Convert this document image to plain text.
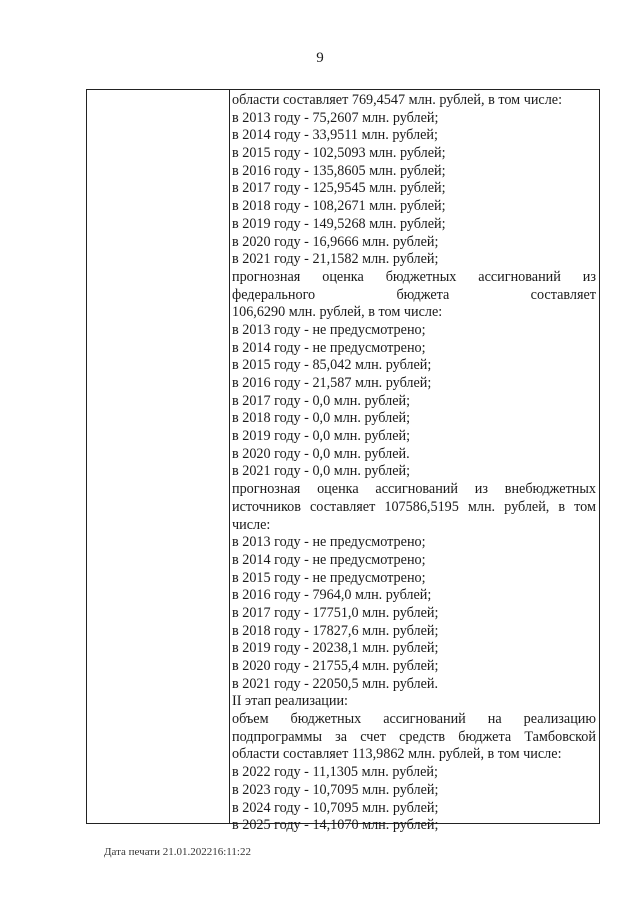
9
области составляет 769,4547 млн. рублей, в том числе:
в 2013 году - 75,2607 млн. рублей;
в 2014 году - 33,9511 млн. рублей;
в 2015 году - 102,5093 млн. рублей;
в 2016 году - 135,8605 млн. рублей;
в 2017 году - 125,9545 млн. рублей;
в 2018 году - 108,2671 млн. рублей;
в 2019 году - 149,5268 млн. рублей;
в 2020 году - 16,9666 млн. рублей;
в 2021 году - 21,1582 млн. рублей;
прогнозная оценка бюджетных ассигнований из
федерального бюджета составляет
106,6290 млн. рублей, в том числе:
в 2013 году - не предусмотрено;
в 2014 году - не предусмотрено;
в 2015 году - 85,042 млн. рублей;
в 2016 году - 21,587 млн. рублей;
в 2017 году - 0,0 млн. рублей;
в 2018 году - 0,0 млн. рублей;
в 2019 году - 0,0 млн. рублей;
в 2020 году - 0,0 млн. рублей.
в 2021 году - 0,0 млн. рублей;
прогнозная оценка ассигнований из внебюджетных
источников составляет 107586,5195 млн. рублей, в том
числе:
в 2013 году - не предусмотрено;
в 2014 году - не предусмотрено;
в 2015 году - не предусмотрено;
в 2016 году - 7964,0 млн. рублей;
в 2017 году - 17751,0 млн. рублей;
в 2018 году - 17827,6 млн. рублей;
в 2019 году - 20238,1 млн. рублей;
в 2020 году - 21755,4 млн. рублей;
в 2021 году - 22050,5 млн. рублей.
II этап реализации:
объем бюджетных ассигнований на реализацию
подпрограммы за счет средств бюджета Тамбовской
области составляет 113,9862 млн. рублей, в том числе:
в 2022 году - 11,1305 млн. рублей;
в 2023 году - 10,7095 млн. рублей;
в 2024 году - 10,7095 млн. рублей;
в 2025 году - 14,1070 млн. рублей;
Дата печати 21.01.202216:11:22
